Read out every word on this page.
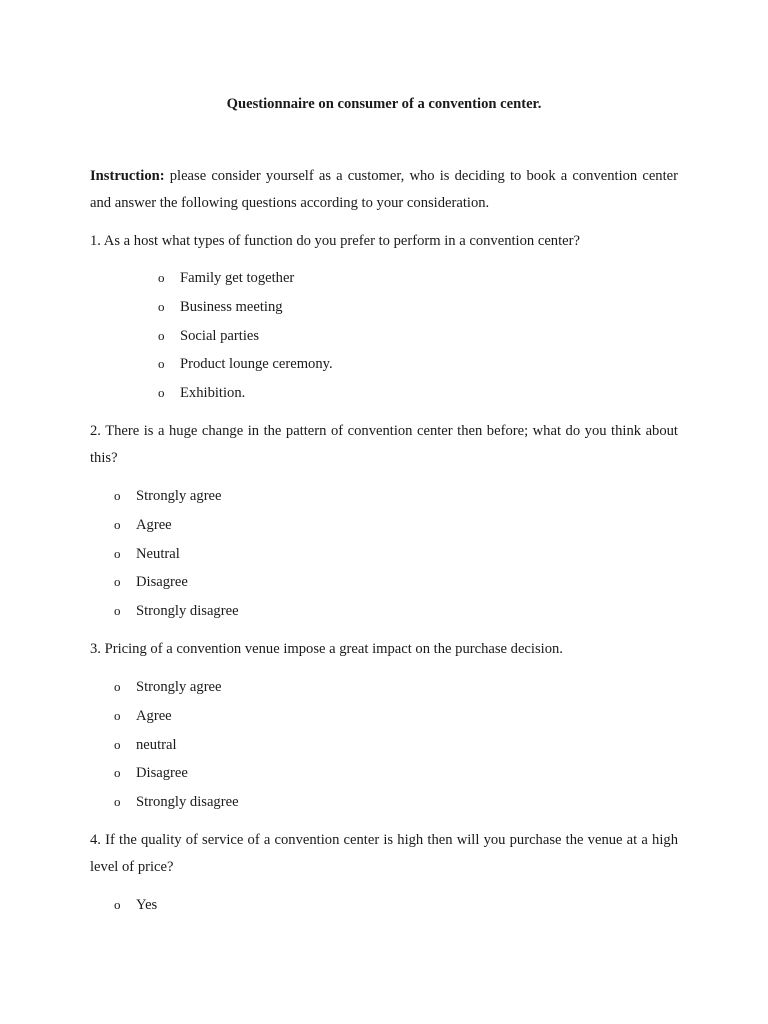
Questionnaire on consumer of a convention center.

Instruction: please consider yourself as a customer, who is deciding to book a convention center and answer the following questions according to your consideration.

1. As a host what types of function do you prefer to perform in a convention center?

o Family get together
o Business meeting
o Social parties
o Product lounge ceremony.
o Exhibition.

2. There is a huge change in the pattern of convention center then before; what do you think about this?

o Strongly agree
o Agree
o Neutral
o Disagree
o Strongly disagree

3. Pricing of a convention venue impose a great impact on the purchase decision.

o Strongly agree
o Agree
o neutral
o Disagree
o Strongly disagree

4. If the quality of service of a convention center is high then will you purchase the venue at a high level of price?

o Yes
